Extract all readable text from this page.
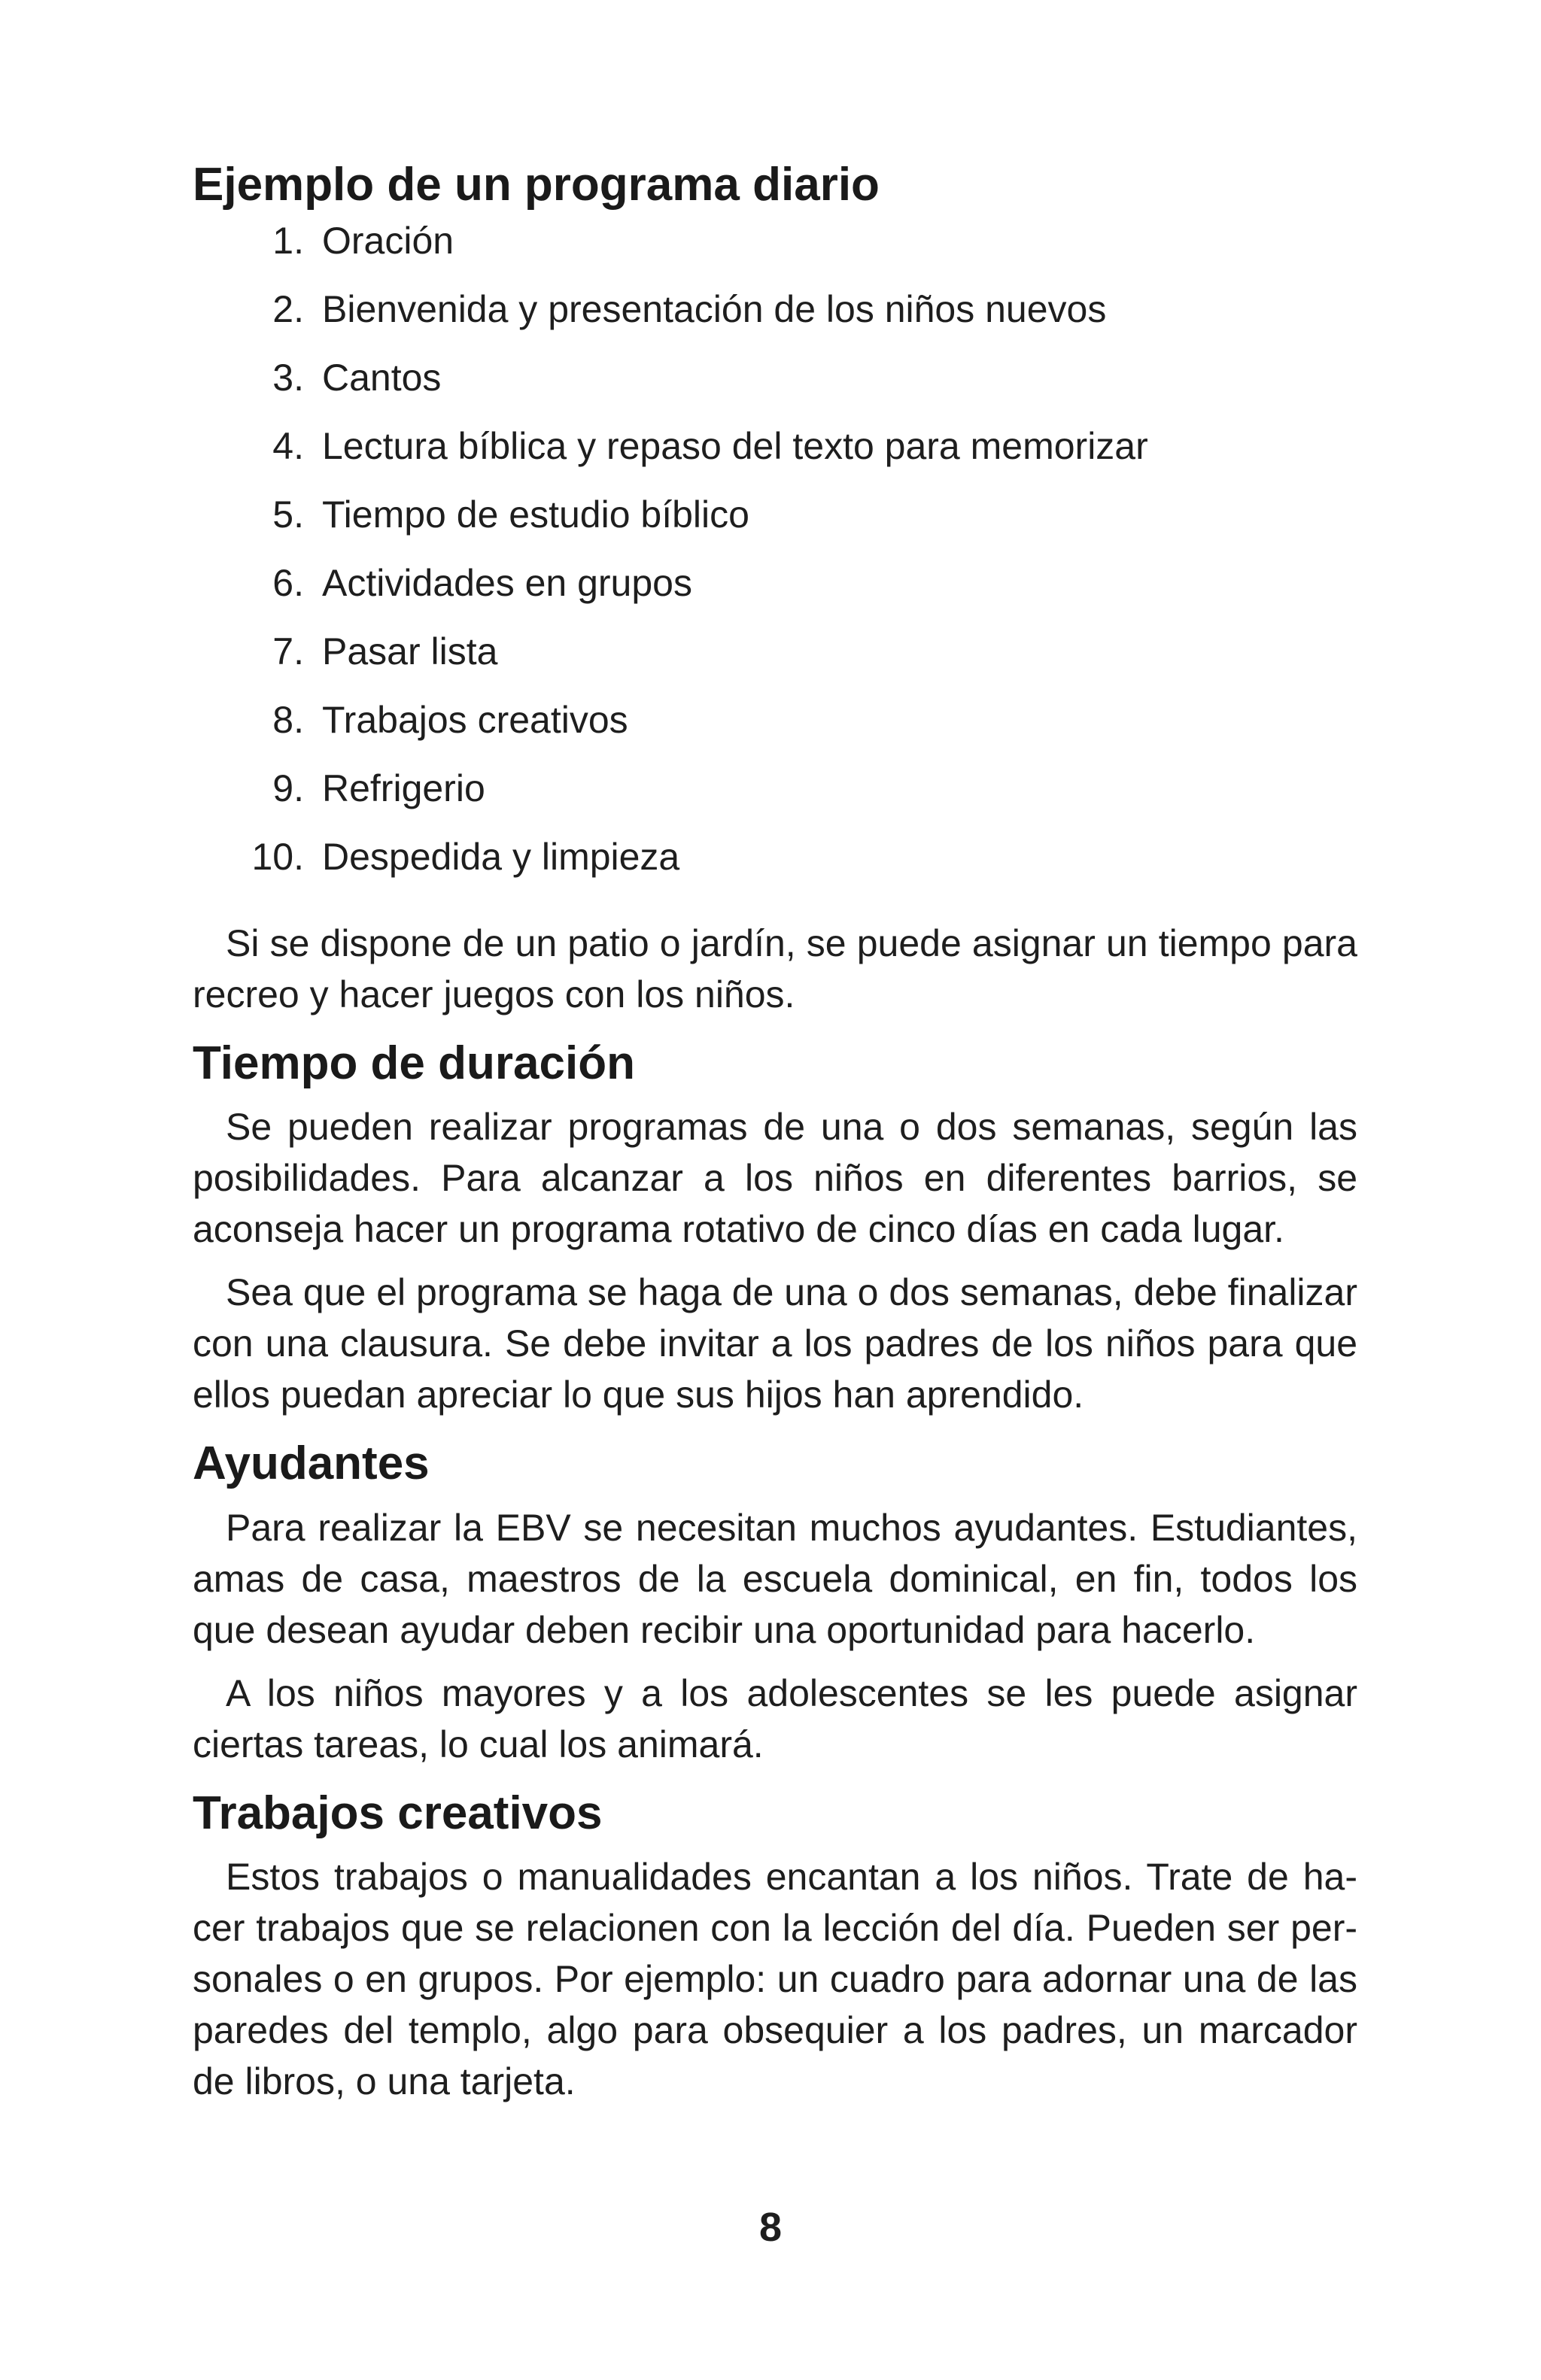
Ejemplo de un programa diario
1. Oración
2. Bienvenida y presentación de los niños nuevos
3. Cantos
4. Lectura bíblica y repaso del texto para memorizar
5. Tiempo de estudio bíblico
6. Actividades en grupos
7. Pasar lista
8. Trabajos creativos
9. Refrigerio
10. Despedida y limpieza

Si se dispone de un patio o jardín, se puede asignar un tiempo para recreo y hacer juegos con los niños.

Tiempo de duración

Se pueden realizar programas de una o dos semanas, según las posibilidades. Para alcanzar a los niños en diferentes barrios, se aconseja hacer un programa rotativo de cinco días en cada lugar.

Sea que el programa se haga de una o dos semanas, debe finalizar con una clausura. Se debe invitar a los padres de los niños para que ellos puedan apreciar lo que sus hijos han aprendido.

Ayudantes

Para realizar la EBV se necesitan muchos ayudantes. Estudiantes, amas de casa, maestros de la escuela dominical, en fin, todos los que desean ayudar deben recibir una oportunidad para hacerlo.

A los niños mayores y a los adolescentes se les puede asignar ciertas tareas, lo cual los animará.

Trabajos creativos

Estos trabajos o manualidades encantan a los niños. Trate de hacer trabajos que se relacionen con la lección del día. Pueden ser personales o en grupos. Por ejemplo: un cuadro para adornar una de las paredes del templo, algo para obsequier a los padres, un marcador de libros, o una tarjeta.

8
